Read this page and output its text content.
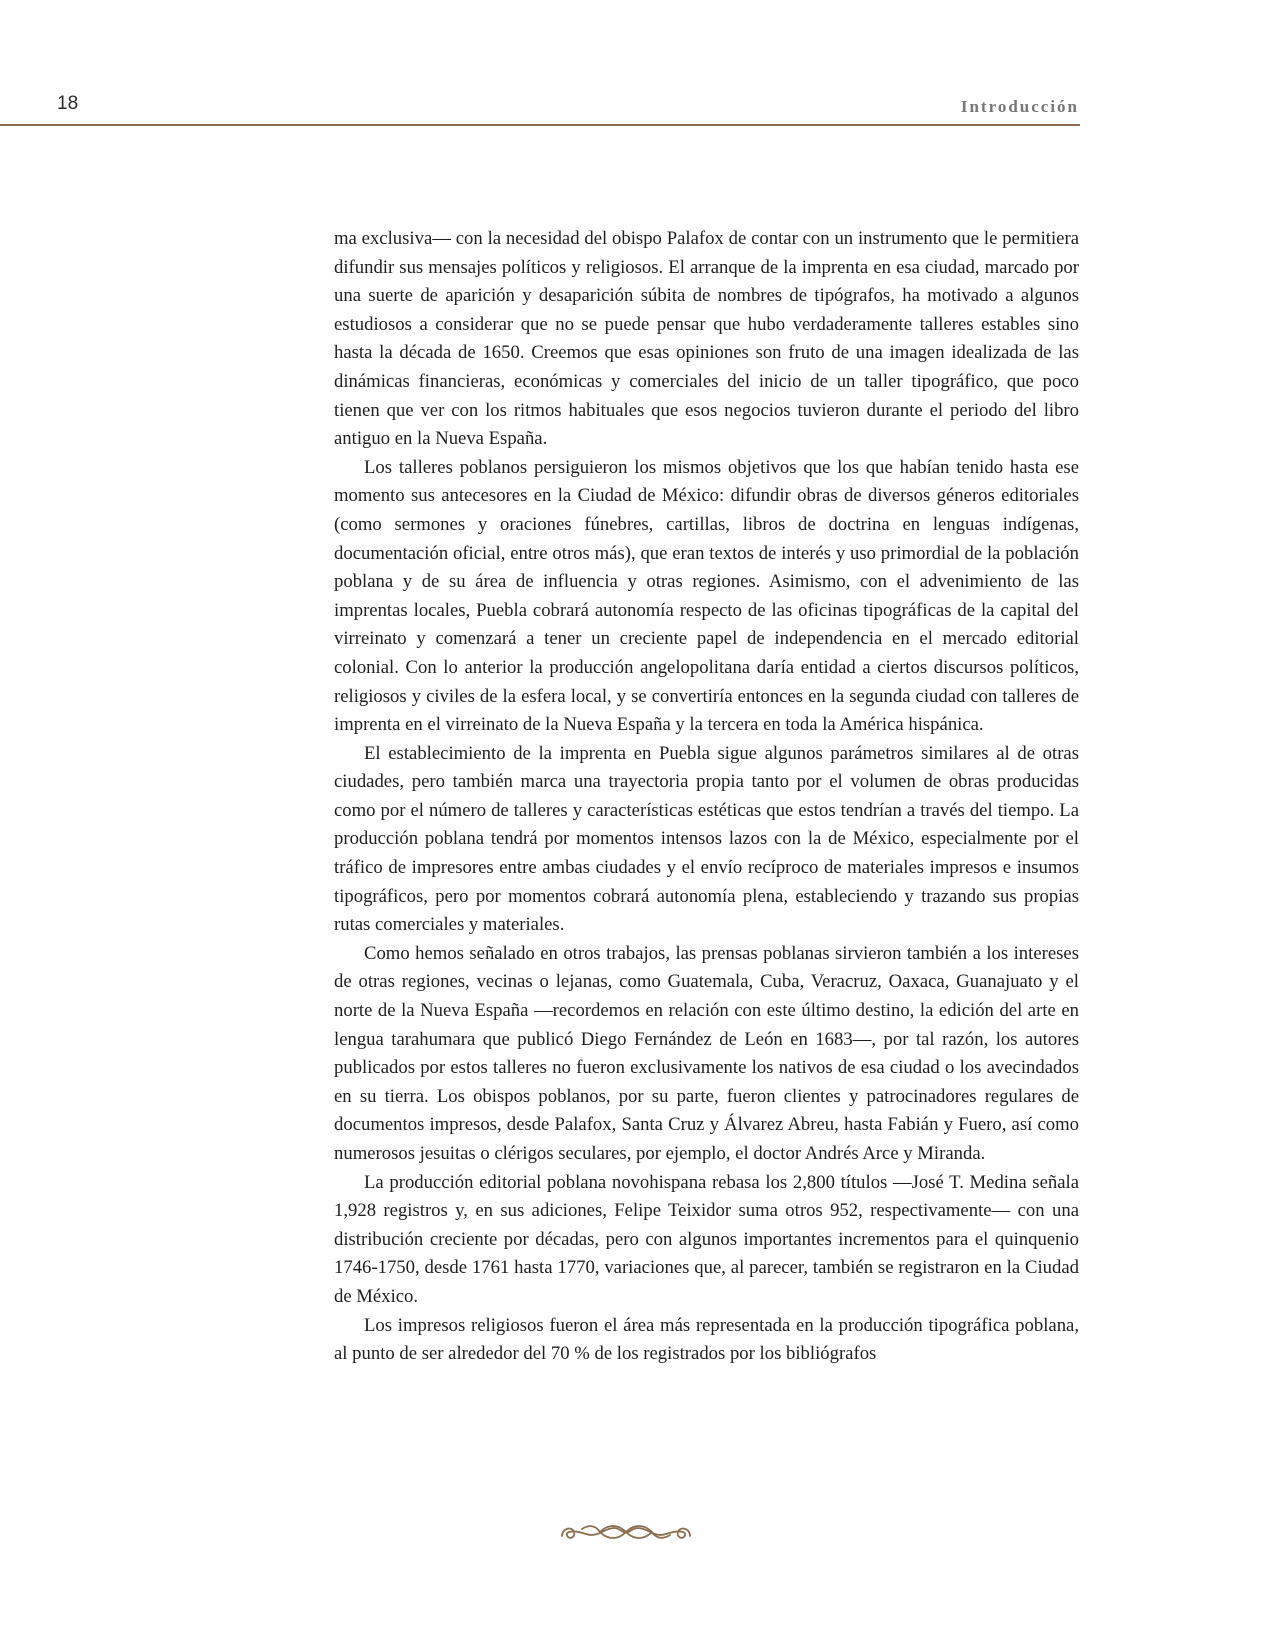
18	Introducción

ma exclusiva— con la necesidad del obispo Palafox de contar con un instrumento que le permitiera difundir sus mensajes políticos y religiosos. El arranque de la imprenta en esa ciudad, marcado por una suerte de aparición y desaparición súbita de nombres de tipógrafos, ha motivado a algunos estudiosos a considerar que no se puede pensar que hubo verdaderamente talleres estables sino hasta la década de 1650. Creemos que esas opiniones son fruto de una imagen idealizada de las dinámicas financieras, económicas y comerciales del inicio de un taller tipográfico, que poco tienen que ver con los ritmos habituales que esos negocios tuvieron durante el periodo del libro antiguo en la Nueva España.

Los talleres poblanos persiguieron los mismos objetivos que los que habían tenido hasta ese momento sus antecesores en la Ciudad de México: difundir obras de diversos géneros editoriales (como sermones y oraciones fúnebres, cartillas, libros de doctrina en lenguas indígenas, documentación oficial, entre otros más), que eran textos de interés y uso primordial de la población poblana y de su área de influencia y otras regiones. Asimismo, con el advenimiento de las imprentas locales, Puebla cobrará autonomía respecto de las oficinas tipográficas de la capital del virreinato y comenzará a tener un creciente papel de independencia en el mercado editorial colonial. Con lo anterior la producción angelopolitana daría entidad a ciertos discursos políticos, religiosos y civiles de la esfera local, y se convertiría entonces en la segunda ciudad con talleres de imprenta en el virreinato de la Nueva España y la tercera en toda la América hispánica.

El establecimiento de la imprenta en Puebla sigue algunos parámetros similares al de otras ciudades, pero también marca una trayectoria propia tanto por el volumen de obras producidas como por el número de talleres y características estéticas que estos tendrían a través del tiempo. La producción poblana tendrá por momentos intensos lazos con la de México, especialmente por el tráfico de impresores entre ambas ciudades y el envío recíproco de materiales impresos e insumos tipográficos, pero por momentos cobrará autonomía plena, estableciendo y trazando sus propias rutas comerciales y materiales.

Como hemos señalado en otros trabajos, las prensas poblanas sirvieron también a los intereses de otras regiones, vecinas o lejanas, como Guatemala, Cuba, Veracruz, Oaxaca, Guanajuato y el norte de la Nueva España —recordemos en relación con este último destino, la edición del arte en lengua tarahumara que publicó Diego Fernández de León en 1683—, por tal razón, los autores publicados por estos talleres no fueron exclusivamente los nativos de esa ciudad o los avecindados en su tierra. Los obispos poblanos, por su parte, fueron clientes y patrocinadores regulares de documentos impresos, desde Palafox, Santa Cruz y Álvarez Abreu, hasta Fabián y Fuero, así como numerosos jesuitas o clérigos seculares, por ejemplo, el doctor Andrés Arce y Miranda.

La producción editorial poblana novohispana rebasa los 2,800 títulos —José T. Medina señala 1,928 registros y, en sus adiciones, Felipe Teixidor suma otros 952, respectivamente— con una distribución creciente por décadas, pero con algunos importantes incrementos para el quinquenio 1746-1750, desde 1761 hasta 1770, variaciones que, al parecer, también se registraron en la Ciudad de México.

Los impresos religiosos fueron el área más representada en la producción tipográfica poblana, al punto de ser alrededor del 70 % de los registrados por los bibliógrafos
